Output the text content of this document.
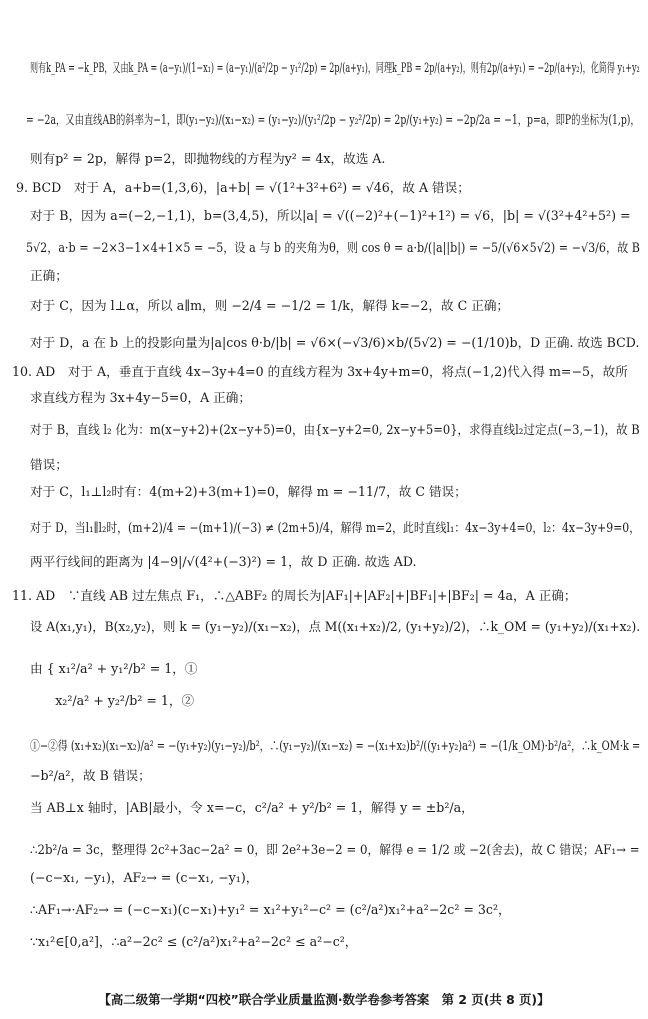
则有k_PA = −k_PB，又由k_PA = (a−y₁)/(1−x₁) = (a−y₁)/(a²/2p − y₁²/2p) = 2p/(a+y₁)，同理k_PB = 2p/(a+y₂)，则有2p/(a+y₁) = −2p/(a+y₂)，化简得 y₁+y₂
= −2a，又由直线AB的斜率为−1，即(y₁−y₂)/(x₁−x₂) = (y₁−y₂)/(y₁²/2p − y₂²/2p) = 2p/(y₁+y₂) = −2p/2a = −1，p=a，即P的坐标为(1,p)，
则有p² = 2p，解得 p=2，即抛物线的方程为y² = 4x，故选 A.
9. BCD　对于 A，a+b=(1,3,6)，|a+b| = √(1²+3²+6²) = √46，故 A 错误；
对于 B，因为 a=(−2,−1,1)，b=(3,4,5)，所以|a| = √((−2)²+(−1)²+1²) = √6，|b| = √(3²+4²+5²) =
5√2，a·b = −2×3−1×4+1×5 = −5，设 a 与 b 的夹角为θ，则 cos θ = a·b/(|a||b|) = −5/(√6×5√2) = −√3/6，故 B
正确；
对于 C，因为 l⊥α，所以 a∥m，则 −2/4 = −1/2 = 1/k，解得 k=−2，故 C 正确；
对于 D，a 在 b 上的投影向量为|a|cos θ·b/|b| = √6×(−√3/6)×b/(5√2) = −(1/10)b，D 正确. 故选 BCD.
10. AD　对于 A，垂直于直线 4x−3y+4=0 的直线方程为 3x+4y+m=0，将点(−1,2)代入得 m=−5，故所
求直线方程为 3x+4y−5=0，A 正确；
对于 B，直线 l₂ 化为：m(x−y+2)+(2x−y+5)=0，由{x−y+2=0, 2x−y+5=0}，求得直线l₂过定点(−3,−1)，故 B
错误；
对于 C，l₁⊥l₂时有：4(m+2)+3(m+1)=0，解得 m = −11/7，故 C 错误；
对于 D，当l₁∥l₂时，(m+2)/4 = −(m+1)/(−3) ≠ (2m+5)/4，解得 m=2，此时直线l₁：4x−3y+4=0，l₂：4x−3y+9=0，
两平行线间的距离为 |4−9|/√(4²+(−3)²) = 1，故 D 正确. 故选 AD.
11. AD　∵直线 AB 过左焦点 F₁，∴△ABF₂ 的周长为|AF₁|+|AF₂|+|BF₁|+|BF₂| = 4a，A 正确；
设 A(x₁,y₁)，B(x₂,y₂)，则 k = (y₁−y₂)/(x₁−x₂)，点 M((x₁+x₂)/2, (y₁+y₂)/2)，∴k_OM = (y₁+y₂)/(x₁+x₂).
由 { x₁²/a² + y₁²/b² = 1，①
　　x₂²/a² + y₂²/b² = 1，②
①−②得 (x₁+x₂)(x₁−x₂)/a² = −(y₁+y₂)(y₁−y₂)/b²，∴(y₁−y₂)/(x₁−x₂) = −(x₁+x₂)b²/((y₁+y₂)a²) = −(1/k_OM)·b²/a²，∴k_OM·k =
−b²/a²，故 B 错误；
当 AB⊥x 轴时，|AB|最小，令 x=−c，c²/a² + y²/b² = 1，解得 y = ±b²/a，
∴2b²/a = 3c，整理得 2c²+3ac−2a² = 0，即 2e²+3e−2 = 0，解得 e = 1/2 或 −2(舍去)，故 C 错误；AF₁→ =
(−c−x₁, −y₁)，AF₂→ = (c−x₁, −y₁)，
∴AF₁→·AF₂→ = (−c−x₁)(c−x₁)+y₁² = x₁²+y₁²−c² = (c²/a²)x₁²+a²−2c² = 3c²，
∵x₁²∈[0,a²]，∴a²−2c² ≤ (c²/a²)x₁²+a²−2c² ≤ a²−c²，
【高二级第一学期“四校”联合学业质量监测·数学卷参考答案　第 2 页(共 8 页)】
